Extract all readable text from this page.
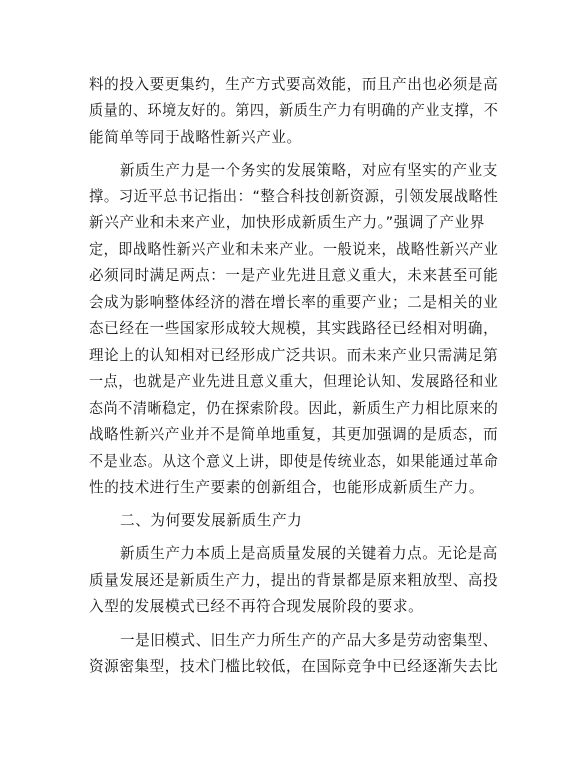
料的投入要更集约，生产方式要高效能，而且产出也必须是高
质量的、环境友好的。第四，新质生产力有明确的产业支撑，不
能简单等同于战略性新兴产业。
新质生产力是一个务实的发展策略，对应有坚实的产业支
撑。习近平总书记指出：“整合科技创新资源，引领发展战略性
新兴产业和未来产业，加快形成新质生产力。”强调了产业界
定，即战略性新兴产业和未来产业。一般说来，战略性新兴产业
必须同时满足两点：一是产业先进且意义重大，未来甚至可能
会成为影响整体经济的潜在增长率的重要产业；二是相关的业
态已经在一些国家形成较大规模，其实践路径已经相对明确，
理论上的认知相对已经形成广泛共识。而未来产业只需满足第
一点，也就是产业先进且意义重大，但理论认知、发展路径和业
态尚不清晰稳定，仍在探索阶段。因此，新质生产力相比原来的
战略性新兴产业并不是简单地重复，其更加强调的是质态，而
不是业态。从这个意义上讲，即使是传统业态，如果能通过革命
性的技术进行生产要素的创新组合，也能形成新质生产力。
二、为何要发展新质生产力
新质生产力本质上是高质量发展的关键着力点。无论是高
质量发展还是新质生产力，提出的背景都是原来粗放型、高投
入型的发展模式已经不再符合现发展阶段的要求。
一是旧模式、旧生产力所生产的产品大多是劳动密集型、
资源密集型，技术门槛比较低，在国际竞争中已经逐渐失去比
